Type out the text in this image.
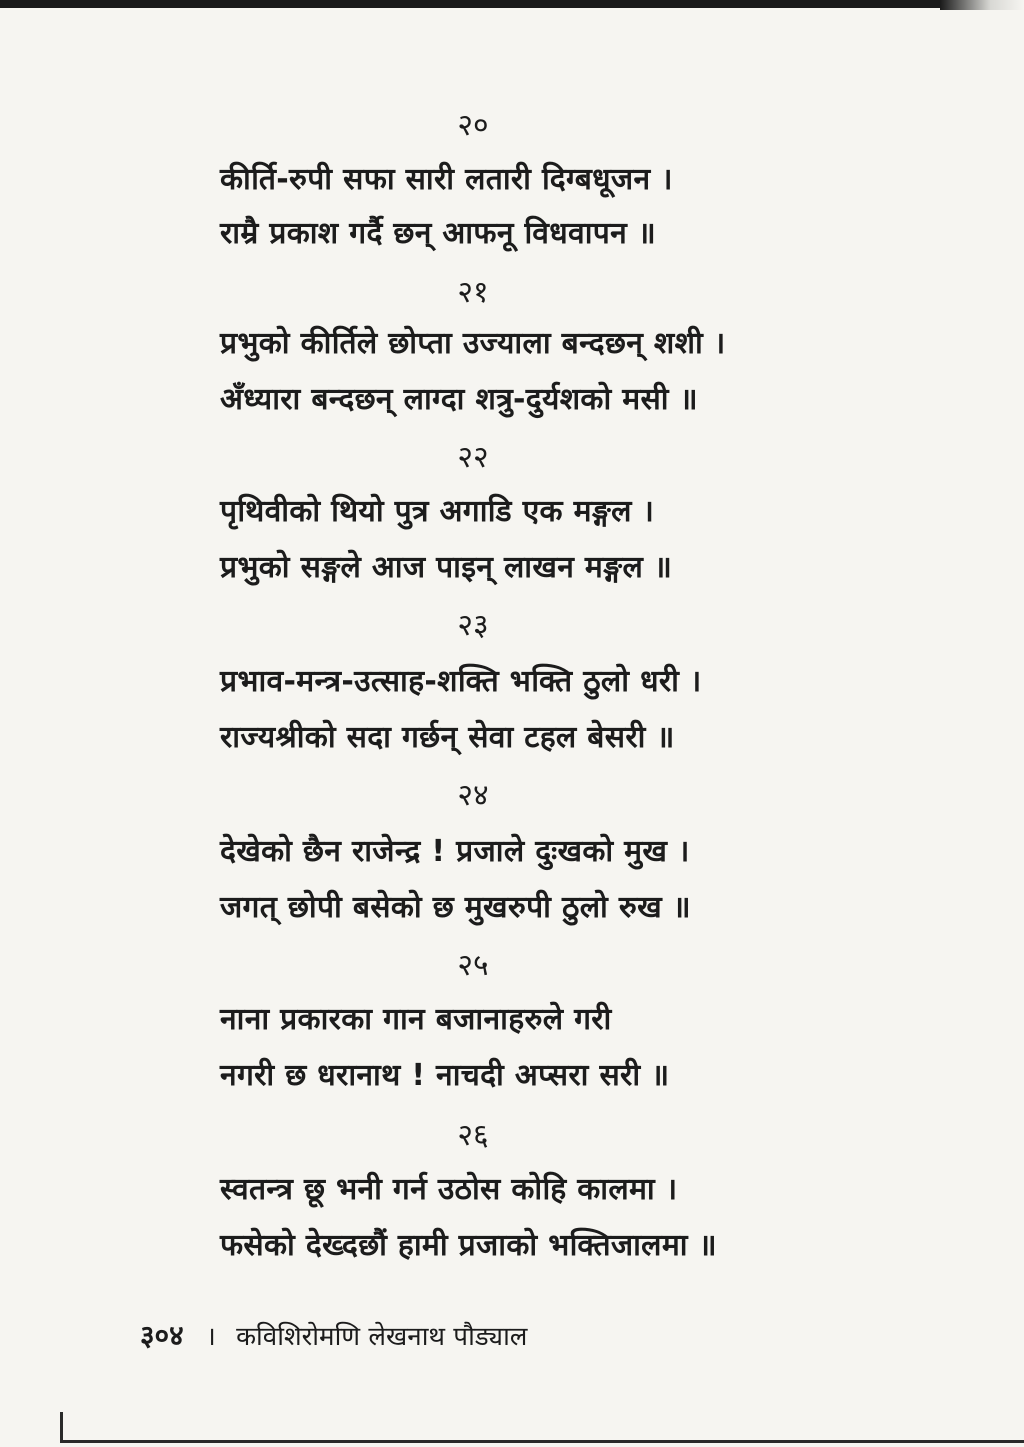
२०
कीर्ति-रुपी सफा सारी लतारी दिग्बधूजन ।
राम्रै प्रकाश गर्दै छन् आफनू विधवापन ॥
२१
प्रभुको कीर्तिले छोप्ता उज्याला बन्दछन् शशी ।
अँध्यारा बन्दछन् लाग्दा शत्रु-दुर्यशको मसी ॥
२२
पृथिवीको थियो पुत्र अगाडि एक मङ्गल ।
प्रभुको सङ्गले आज पाइन् लाखन मङ्गल ॥
२३
प्रभाव-मन्त्र-उत्साह-शक्ति भक्ति ठुलो धरी ।
राज्यश्रीको सदा गर्छन् सेवा टहल बेसरी ॥
२४
देखेको छैन राजेन्द्र ! प्रजाले दुःखको मुख ।
जगत् छोपी बसेको छ मुखरुपी ठुलो रुख ॥
२५
नाना प्रकारका गान बजानाहरुले गरी
नगरी छ धरानाथ ! नाचदी अप्सरा सरी ॥
२६
स्वतन्त्र छू भनी गर्न उठोस कोहि कालमा ।
फसेको देख्दछौं हामी प्रजाको भक्तिजालमा ॥
३०४ । कविशिरोमणि लेखनाथ पौड्याल
